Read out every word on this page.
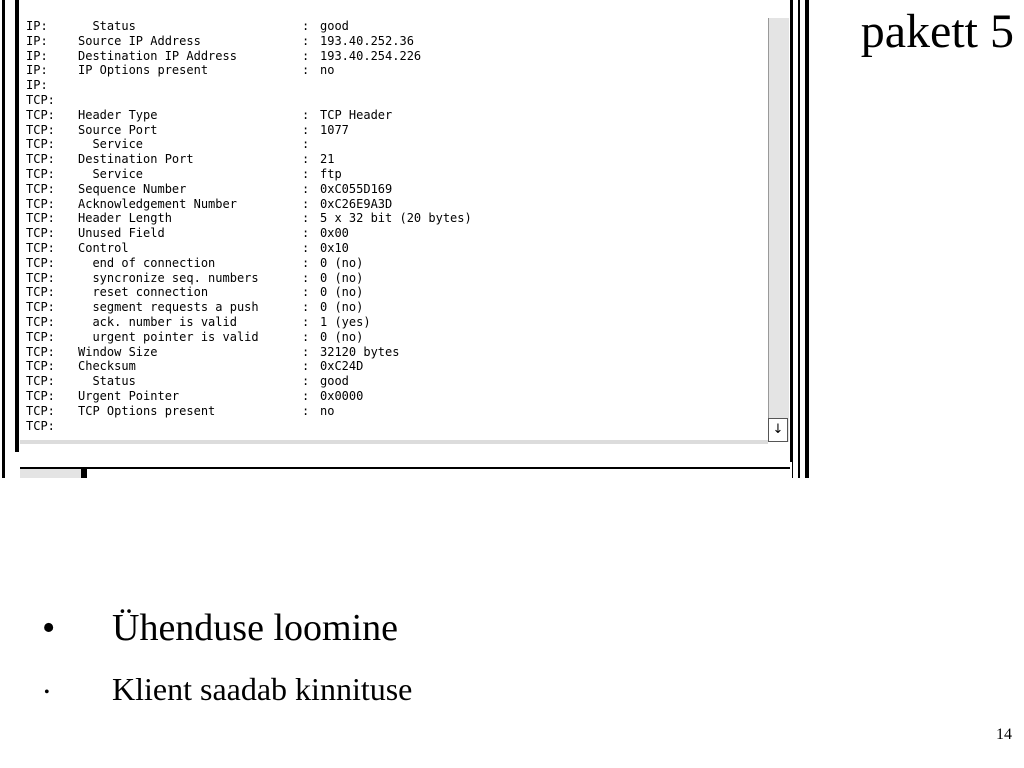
pakett 5
IP:	Status	: good
IP:	Source IP Address	: 193.40.252.36
IP:	Destination IP Address	: 193.40.254.226
IP:	IP Options present	: no
IP:
TCP:
TCP: Header Type	: TCP Header
TCP: Source Port	: 1077
TCP: Service	:
TCP: Destination Port	: 21
TCP: Service	: ftp
TCP: Sequence Number	: 0xC055D169
TCP: Acknowledgement Number	: 0xC26E9A3D
TCP: Header Length	: 5 x 32 bit (20 bytes)
TCP: Unused Field	: 0x00
TCP: Control	: 0x10
TCP: end of connection	: 0 (no)
TCP: syncronize seq. numbers	: 0 (no)
TCP: reset connection	: 0 (no)
TCP: segment requests a push	: 0 (no)
TCP: ack. number is valid	: 1 (yes)
TCP: urgent pointer is valid	: 0 (no)
TCP: Window Size	: 32120 bytes
TCP: Checksum	: 0xC24D
TCP: Status	: good
TCP: Urgent Pointer	: 0x0000
TCP: TCP Options present	: no
TCP:	↓
• Ühenduse loomine
• Klient saadab kinnituse
14
